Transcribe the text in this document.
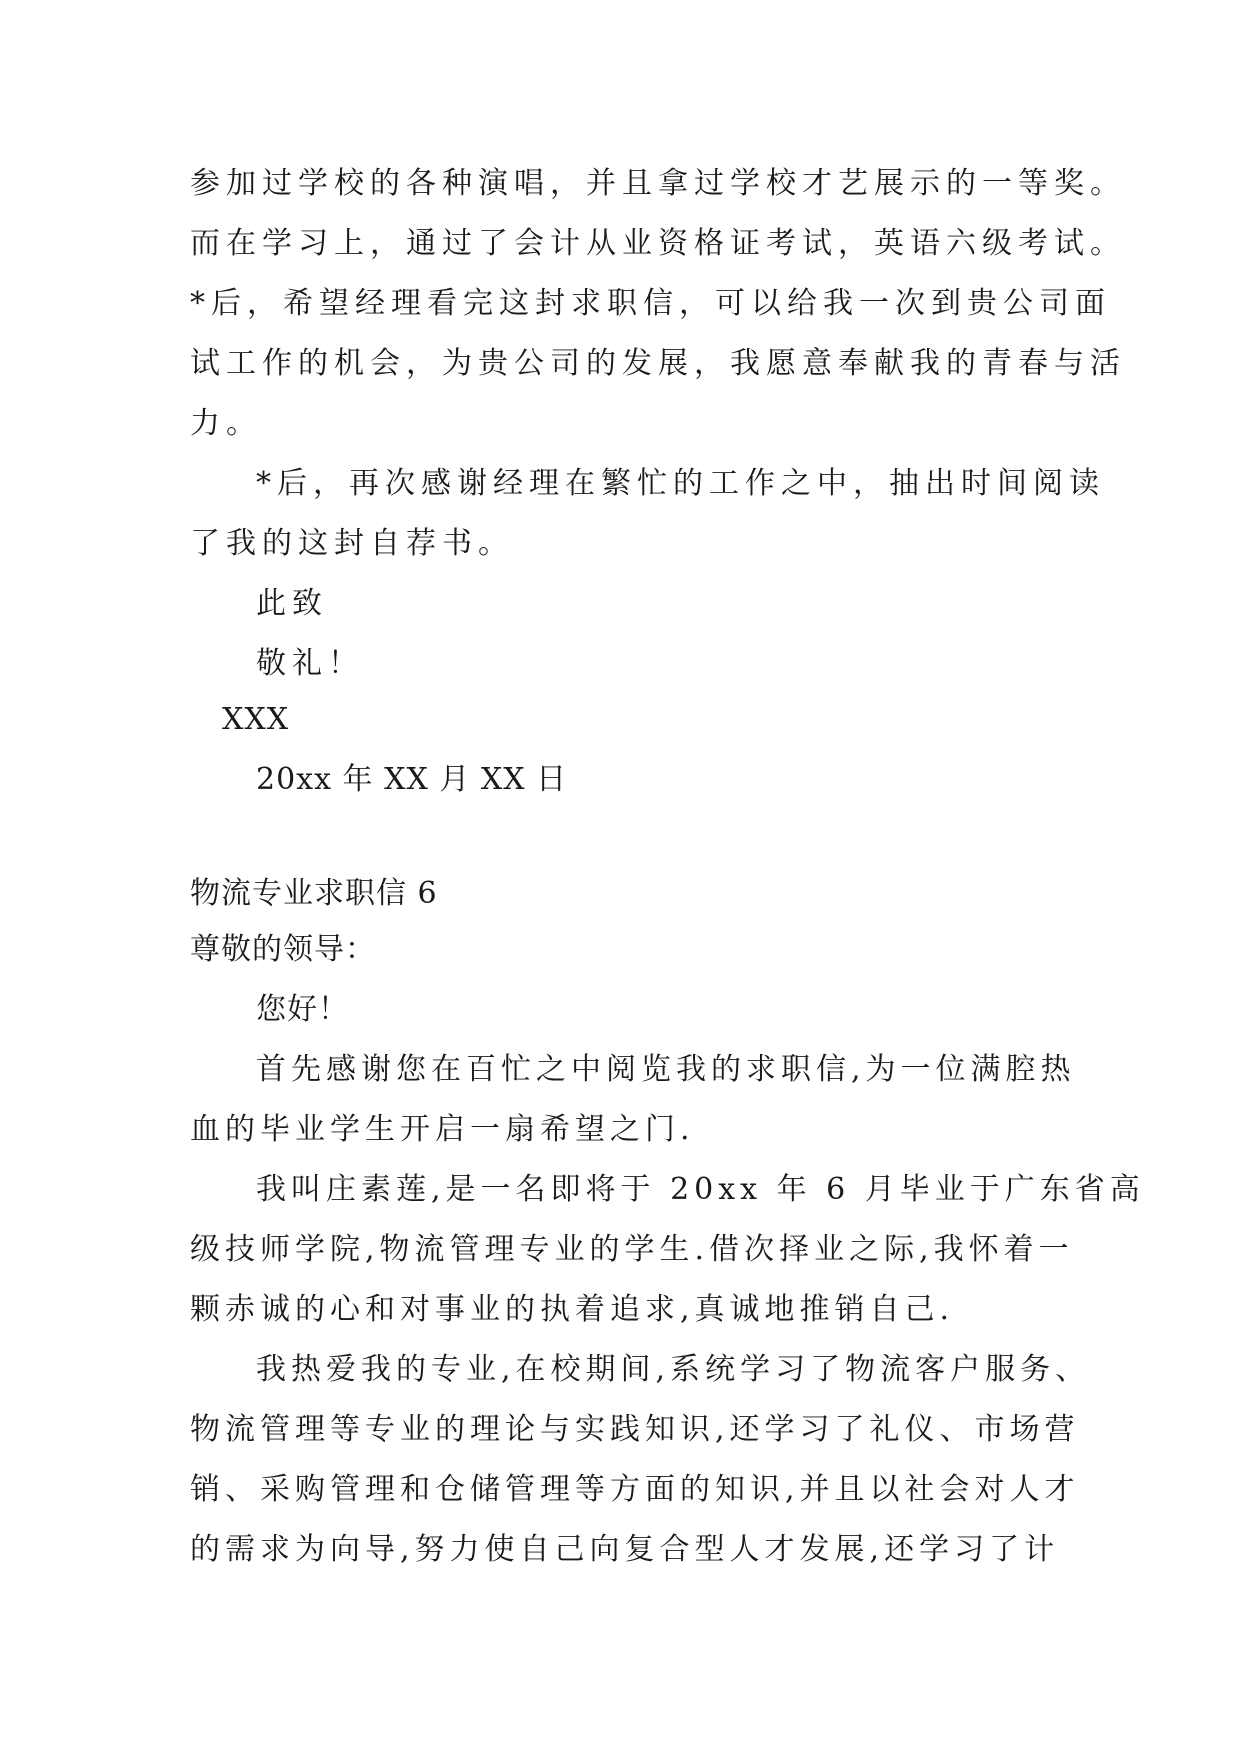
参加过学校的各种演唱，并且拿过学校才艺展示的一等奖。
而在学习上，通过了会计从业资格证考试，英语六级考试。
*后，希望经理看完这封求职信，可以给我一次到贵公司面
试工作的机会，为贵公司的发展，我愿意奉献我的青春与活
力。
*后，再次感谢经理在繁忙的工作之中，抽出时间阅读
了我的这封自荐书。
此致
敬礼！
XXX
20xx 年 XX 月 XX 日
物流专业求职信 6
尊敬的领导：
您好！
首先感谢您在百忙之中阅览我的求职信,为一位满腔热
血的毕业学生开启一扇希望之门.
我叫庄素莲,是一名即将于 20xx 年 6 月毕业于广东省高
级技师学院,物流管理专业的学生.借次择业之际,我怀着一
颗赤诚的心和对事业的执着追求,真诚地推销自己.
我热爱我的专业,在校期间,系统学习了物流客户服务、
物流管理等专业的理论与实践知识,还学习了礼仪、市场营
销、采购管理和仓储管理等方面的知识,并且以社会对人才
的需求为向导,努力使自己向复合型人才发展,还学习了计
